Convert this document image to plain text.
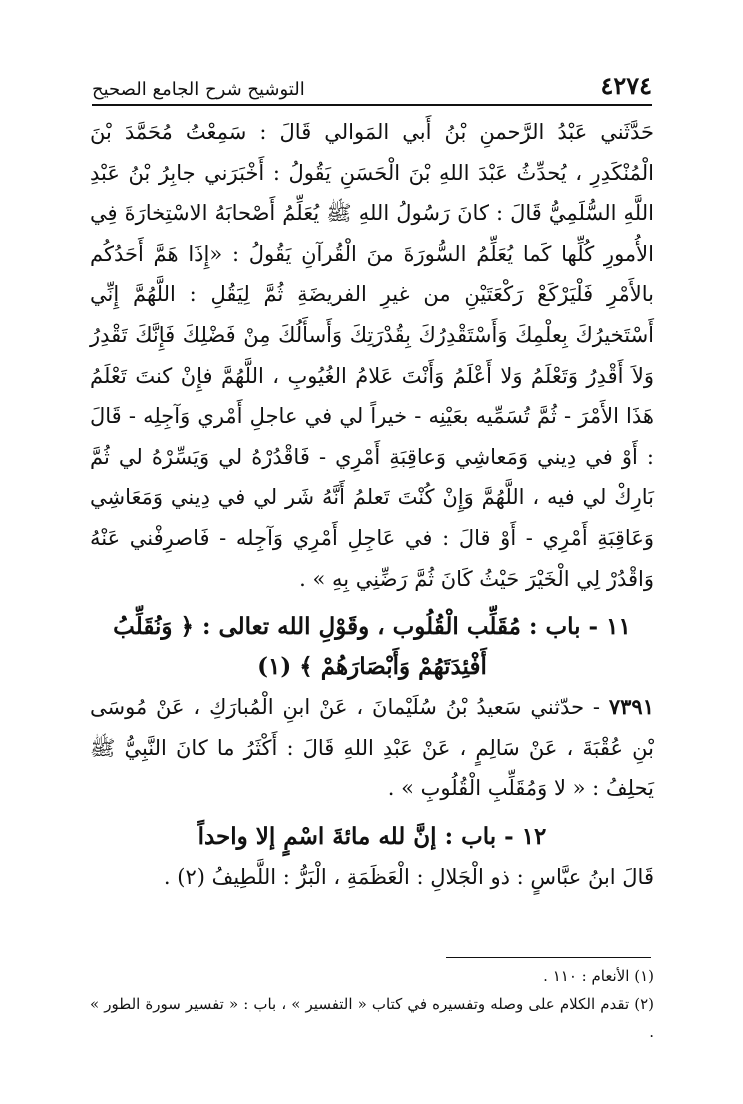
٤٢٧٤
التوشيح شرح الجامع الصحيح

حَدَّثَني عَبْدُ الرَّحمنِ بْنُ أَبي المَوالي قَالَ : سَمِعْتُ مُحَمَّدَ بْنَ الْمُنْكَدِرِ ، يُحدِّثُ عَبْدَ اللهِ بْنَ الْحَسَنِ يَقُولُ : أَخْبَرَني جابِرُ بْنُ عَبْدِ اللَّهِ السُّلَمِيُّ قَالَ : كانَ رَسُولُ اللهِ ﷺ يُعَلِّمُ أَصْحابَهُ الاسْتِخارَةَ فِي الأُمورِ كُلِّها كَما يُعَلِّمُ السُّورَةَ منَ الْقُرآنِ يَقُولُ : «إِذَا هَمَّ أَحَدُكُم بالأَمْرِ فَلْيَرْكَعْ رَكْعَتَيْنِ من غيرِ الفريضَةِ ثُمَّ لِيَقُلِ : اللَّهُمَّ إِنِّي أَسْتَخيرُكَ بِعلْمِكَ وَأَسْتَقْدِرُكَ بِقُدْرَتِكَ وَأَسأَلُكَ مِنْ فَضْلِكَ فَإِنَّكَ تَقْدِرُ وَلاَ أَقْدِرُ وَتَعْلَمُ وَلا أَعْلَمُ وَأَنْتَ عَلامُ الغُيُوبِ ، اللَّهُمَّ فإِنْ كنتَ تَعْلَمُ هَذَا الأَمْرَ - ثُمَّ تُسَمِّيه بعَيْنِه - خيراً لي في عاجلِ أَمْري وَآجِلِه - قَالَ : أَوْ في دِيني وَمَعاشِي وَعاقِبَةِ أَمْرِي - فَاقْدُرْهُ لي وَيَسِّرْهُ لي ثُمَّ بَارِكْ لي فيه ، اللَّهُمَّ وَإِنْ كُنْتَ تَعلمُ أَنَّهُ شَر لي في دِيني وَمَعَاشِي وَعَاقِبَةِ أَمْرِي - أَوْ قالَ : في عَاجِلِ أَمْرِي وَآجِله - فَاصرِفْني عَنْهُ وَاقْدُرْ لِي الْخَيْرَ حَيْثُ كَانَ ثُمَّ رَضِّنِي بِهِ » .

١١ - باب : مُقَلِّب الْقُلُوب ، وقَوْلِ الله تعالى : ﴿ وَنُقَلِّبُ أَفْئِدَتَهُمْ وَأَبْصَارَهُمْ ﴾ (١)

٧٣٩١ - حدّثني سَعيدُ بْنُ سُلَيْمانَ ، عَنْ ابنِ الْمُبارَكِ ، عَنْ مُوسَى بْنِ عُقْبَةَ ، عَنْ سَالِمٍ ، عَنْ عَبْدِ اللهِ قَالَ : أَكْثَرُ ما كانَ النَّبِيُّ ﷺ يَحلِفُ : « لا وَمُقَلِّبِ الْقُلُوبِ » .

١٢ - باب : إنَّ لله مائةَ اسْمٍ إلا واحداً

قَالَ ابنُ عبَّاسٍ : ذو الْجَلالِ : الْعَظَمَةِ ، الْبَرُّ : اللَّطِيفُ (٢) .

(١) الأنعام : ١١٠ .

(٢) تقدم الكلام على وصله وتفسيره في كتاب « التفسير » ، باب : « تفسير سورة الطور » .
